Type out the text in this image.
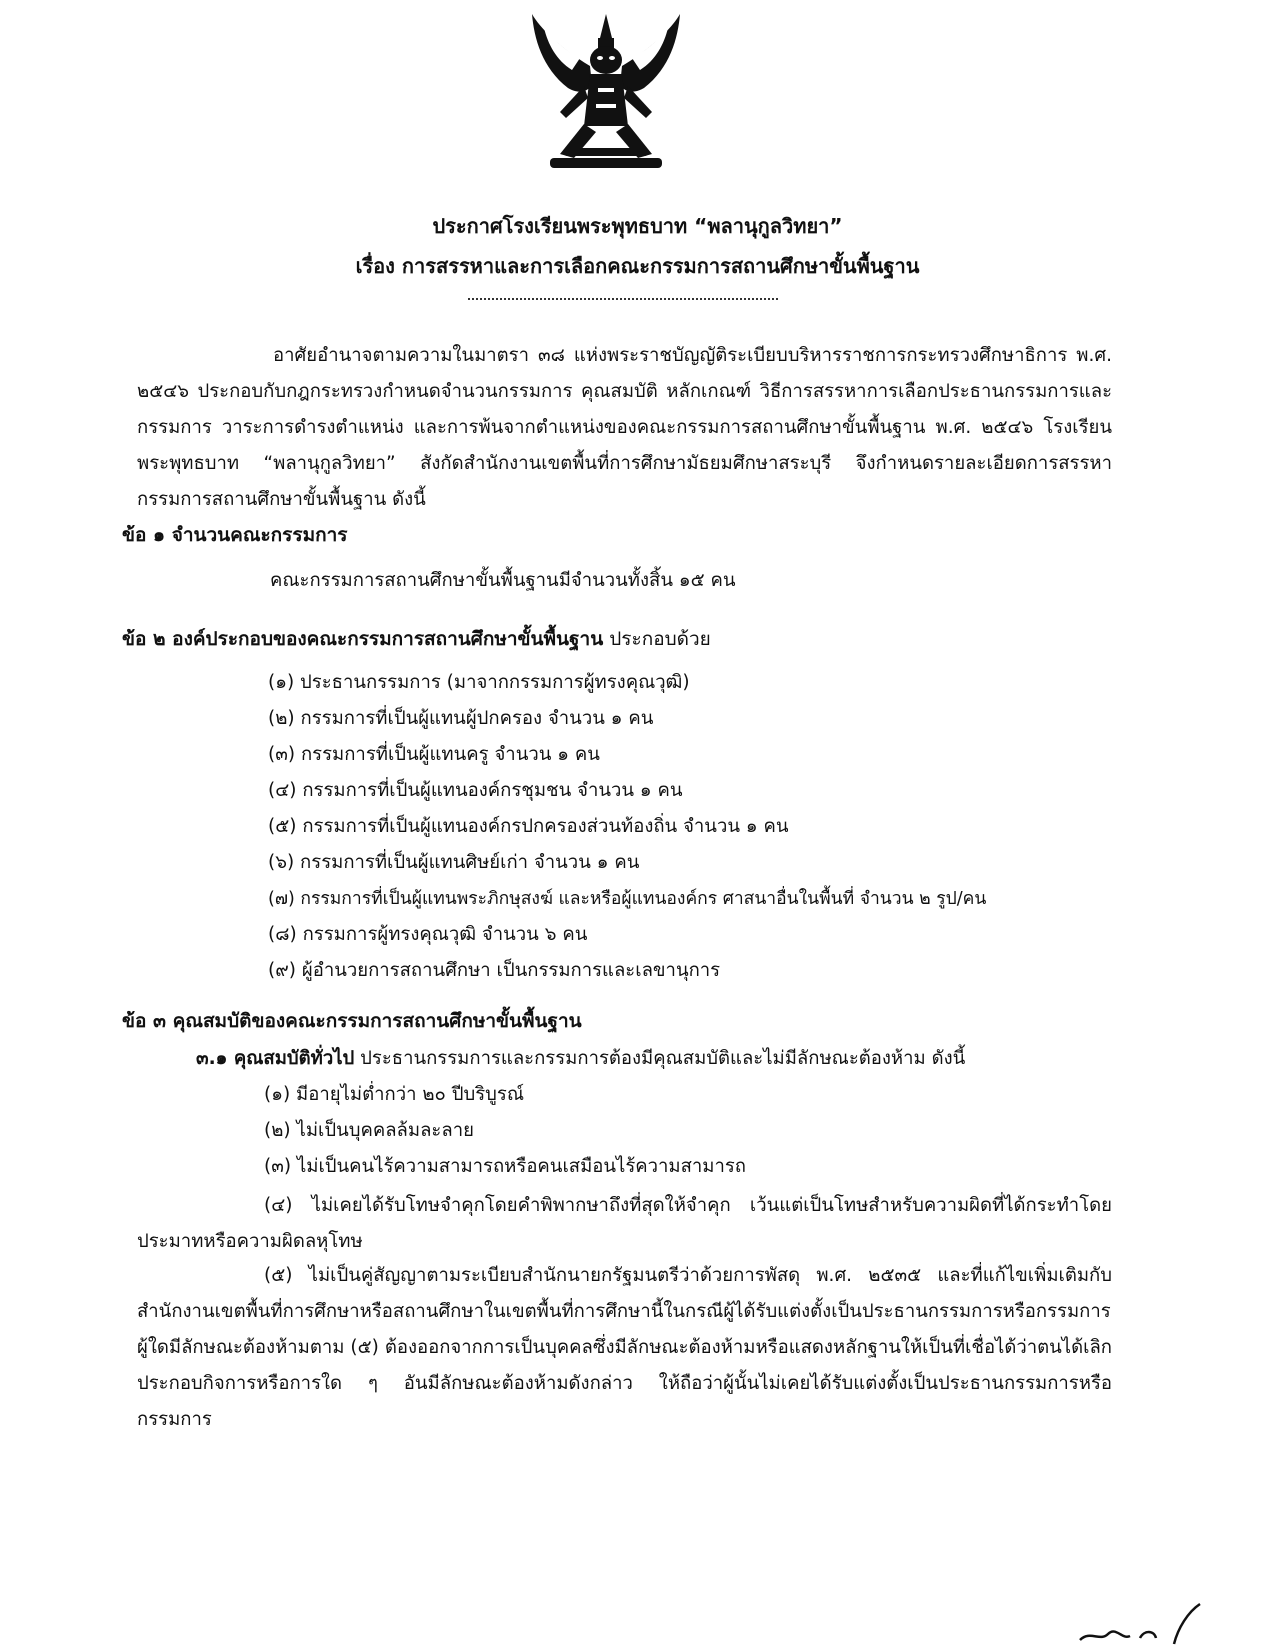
ประกาศโรงเรียนพระพุทธบาท “พลานุกูลวิทยา”
เรื่อง การสรรหาและการเลือกคณะกรรมการสถานศึกษาขั้นพื้นฐาน
อาศัยอำนาจตามความในมาตรา ๓๘ แห่งพระราชบัญญัติระเบียบบริหารราชการกระทรวงศึกษาธิการ พ.ศ. ๒๕๔๖ ประกอบกับกฎกระทรวงกำหนดจำนวนกรรมการ คุณสมบัติ หลักเกณฑ์ วิธีการสรรหาการเลือกประธานกรรมการและกรรมการ วาระการดำรงตำแหน่ง และการพ้นจากตำแหน่งของคณะกรรมการสถานศึกษาขั้นพื้นฐาน พ.ศ. ๒๕๔๖ โรงเรียนพระพุทธบาท “พลานุกูลวิทยา” สังกัดสำนักงานเขตพื้นที่การศึกษามัธยมศึกษาสระบุรี จึงกำหนดรายละเอียดการสรรหากรรมการสถานศึกษาขั้นพื้นฐาน ดังนี้
ข้อ ๑ จำนวนคณะกรรมการ
คณะกรรมการสถานศึกษาขั้นพื้นฐานมีจำนวนทั้งสิ้น ๑๕ คน
ข้อ ๒ องค์ประกอบของคณะกรรมการสถานศึกษาขั้นพื้นฐาน ประกอบด้วย
(๑) ประธานกรรมการ (มาจากกรรมการผู้ทรงคุณวุฒิ)
(๒) กรรมการที่เป็นผู้แทนผู้ปกครอง จำนวน ๑ คน
(๓) กรรมการที่เป็นผู้แทนครู จำนวน ๑ คน
(๔) กรรมการที่เป็นผู้แทนองค์กรชุมชน จำนวน ๑ คน
(๕) กรรมการที่เป็นผู้แทนองค์กรปกครองส่วนท้องถิ่น จำนวน ๑ คน
(๖) กรรมการที่เป็นผู้แทนศิษย์เก่า จำนวน ๑ คน
(๗) กรรมการที่เป็นผู้แทนพระภิกษุสงฆ์ และหรือผู้แทนองค์กร ศาสนาอื่นในพื้นที่ จำนวน ๒ รูป/คน
(๘) กรรมการผู้ทรงคุณวุฒิ จำนวน ๖ คน
(๙) ผู้อำนวยการสถานศึกษา เป็นกรรมการและเลขานุการ
ข้อ ๓ คุณสมบัติของคณะกรรมการสถานศึกษาขั้นพื้นฐาน
๓.๑ คุณสมบัติทั่วไป ประธานกรรมการและกรรมการต้องมีคุณสมบัติและไม่มีลักษณะต้องห้าม ดังนี้
(๑) มีอายุไม่ต่ำกว่า ๒๐ ปีบริบูรณ์
(๒) ไม่เป็นบุคคลล้มละลาย
(๓) ไม่เป็นคนไร้ความสามารถหรือคนเสมือนไร้ความสามารถ
(๔) ไม่เคยได้รับโทษจำคุกโดยคำพิพากษาถึงที่สุดให้จำคุก เว้นแต่เป็นโทษสำหรับความผิดที่ได้กระทำโดยประมาทหรือความผิดลหุโทษ
(๕) ไม่เป็นคู่สัญญาตามระเบียบสำนักนายกรัฐมนตรีว่าด้วยการพัสดุ พ.ศ. ๒๕๓๕ และที่แก้ไขเพิ่มเติมกับสำนักงานเขตพื้นที่การศึกษาหรือสถานศึกษาในเขตพื้นที่การศึกษานี้ในกรณีผู้ได้รับแต่งตั้งเป็นประธานกรรมการหรือกรรมการ ผู้ใดมีลักษณะต้องห้ามตาม (๕) ต้องออกจากการเป็นบุคคลซึ่งมีลักษณะต้องห้ามหรือแสดงหลักฐานให้เป็นที่เชื่อได้ว่าตนได้เลิกประกอบกิจการหรือการใด ๆ อันมีลักษณะต้องห้ามดังกล่าว ให้ถือว่าผู้นั้นไม่เคยได้รับแต่งตั้งเป็นประธานกรรมการหรือกรรมการ
